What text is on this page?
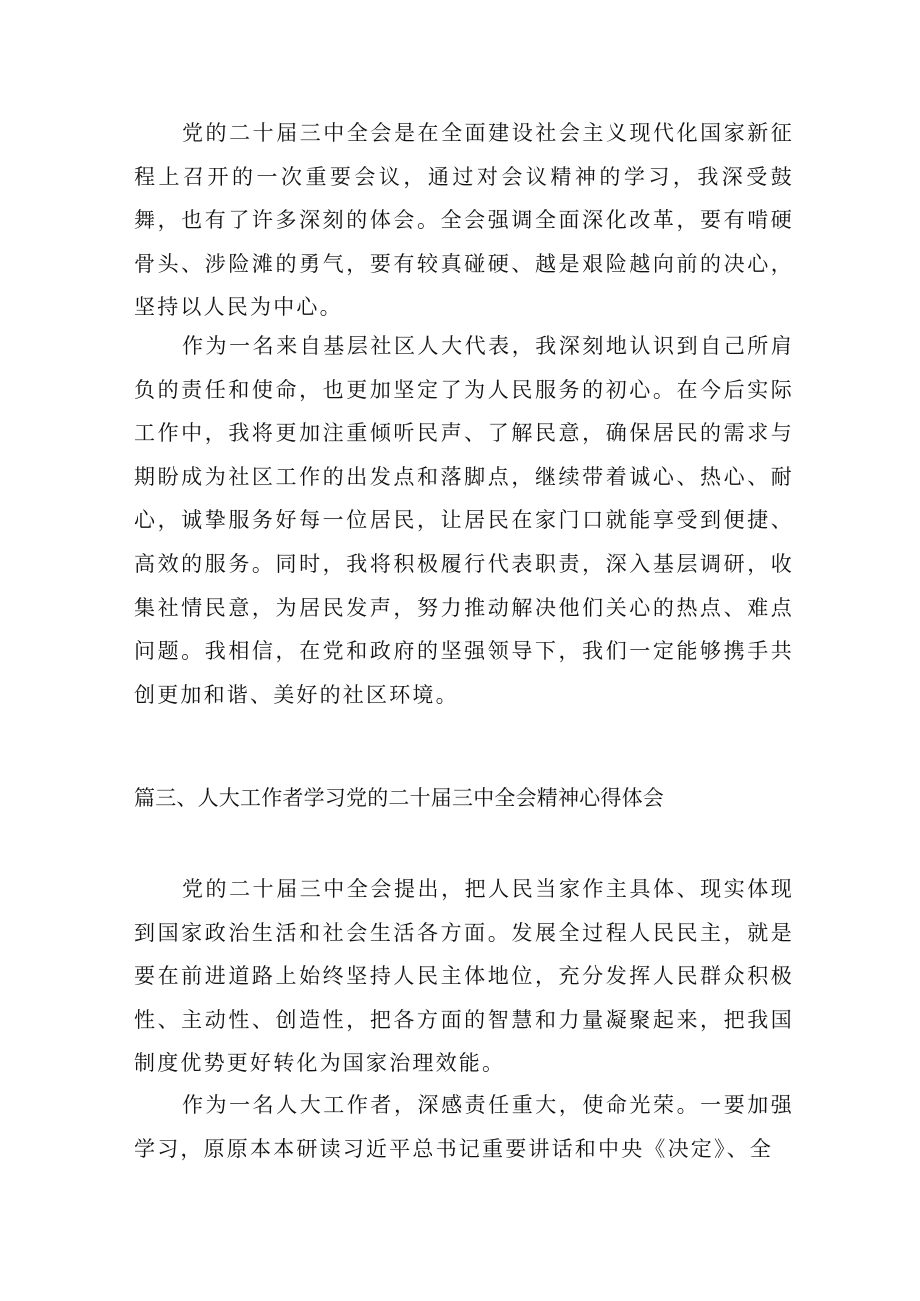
党的二十届三中全会是在全面建设社会主义现代化国家新征程上召开的一次重要会议，通过对会议精神的学习，我深受鼓舞，也有了许多深刻的体会。全会强调全面深化改革，要有啃硬骨头、涉险滩的勇气，要有较真碰硬、越是艰险越向前的决心，坚持以人民为中心。

作为一名来自基层社区人大代表，我深刻地认识到自己所肩负的责任和使命，也更加坚定了为人民服务的初心。在今后实际工作中，我将更加注重倾听民声、了解民意，确保居民的需求与期盼成为社区工作的出发点和落脚点，继续带着诚心、热心、耐心，诚挚服务好每一位居民，让居民在家门口就能享受到便捷、高效的服务。同时，我将积极履行代表职责，深入基层调研，收集社情民意，为居民发声，努力推动解决他们关心的热点、难点问题。我相信，在党和政府的坚强领导下，我们一定能够携手共创更加和谐、美好的社区环境。

篇三、人大工作者学习党的二十届三中全会精神心得体会

党的二十届三中全会提出，把人民当家作主具体、现实体现到国家政治生活和社会生活各方面。发展全过程人民民主，就是要在前进道路上始终坚持人民主体地位，充分发挥人民群众积极性、主动性、创造性，把各方面的智慧和力量凝聚起来，把我国制度优势更好转化为国家治理效能。

作为一名人大工作者，深感责任重大，使命光荣。一要加强学习，原原本本研读习近平总书记重要讲话和中央《决定》、全
